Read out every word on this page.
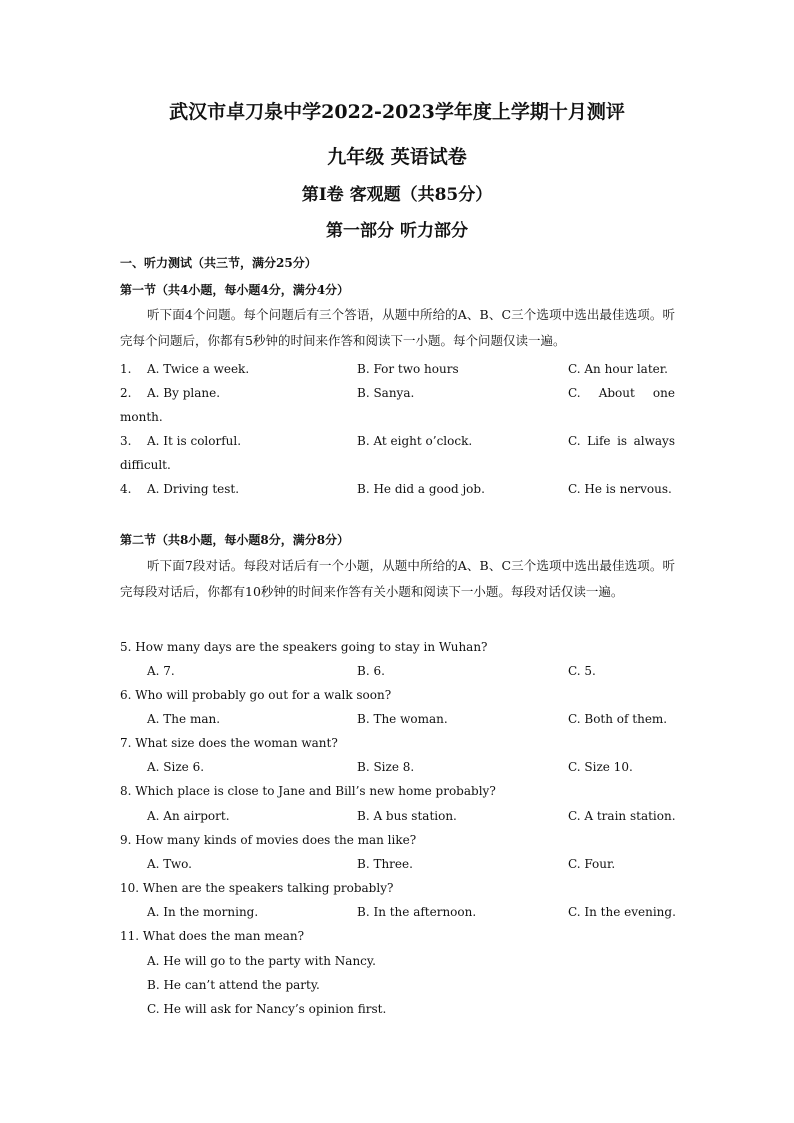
武汉市卓刀泉中学2022-2023学年度上学期十月测评
九年级 英语试卷
第I卷 客观题（共85分）
第一部分 听力部分

一、听力测试（共三节，满分25分）

第一节（共4小题，每小题4分，满分4分）

听下面4个问题。每个问题后有三个答语，从题中所给的A、B、C三个选项中选出最佳选项。听完每个问题后，你都有5秒钟的时间来作答和阅读下一小题。每个问题仅读一遍。

1. A. Twice a week.	B. For two hours	C. An hour later.
2. A. By plane.	B. Sanya.	C. About one
month.
3. A. It is colorful.	B. At eight o’clock.	C. Life is always
difficult.
4. A. Driving test.	B. He did a good job.	C. He is nervous.

第二节（共8小题，每小题8分，满分8分）

听下面7段对话。每段对话后有一个小题，从题中所给的A、B、C三个选项中选出最佳选项。听完每段对话后，你都有10秒钟的时间来作答有关小题和阅读下一小题。每段对话仅读一遍。

5. How many days are the speakers going to stay in Wuhan?
A. 7.	B. 6.	C. 5.
6. Who will probably go out for a walk soon?
A. The man.	B. The woman.	C. Both of them.
7. What size does the woman want?
A. Size 6.	B. Size 8.	C. Size 10.
8. Which place is close to Jane and Bill’s new home probably?
A. An airport.	B. A bus station.	C. A train station.
9. How many kinds of movies does the man like?
A. Two.	B. Three.	C. Four.
10. When are the speakers talking probably?
A. In the morning.	B. In the afternoon.	C. In the evening.
11. What does the man mean?
A. He will go to the party with Nancy.
B. He can’t attend the party.
C. He will ask for Nancy’s opinion first.
